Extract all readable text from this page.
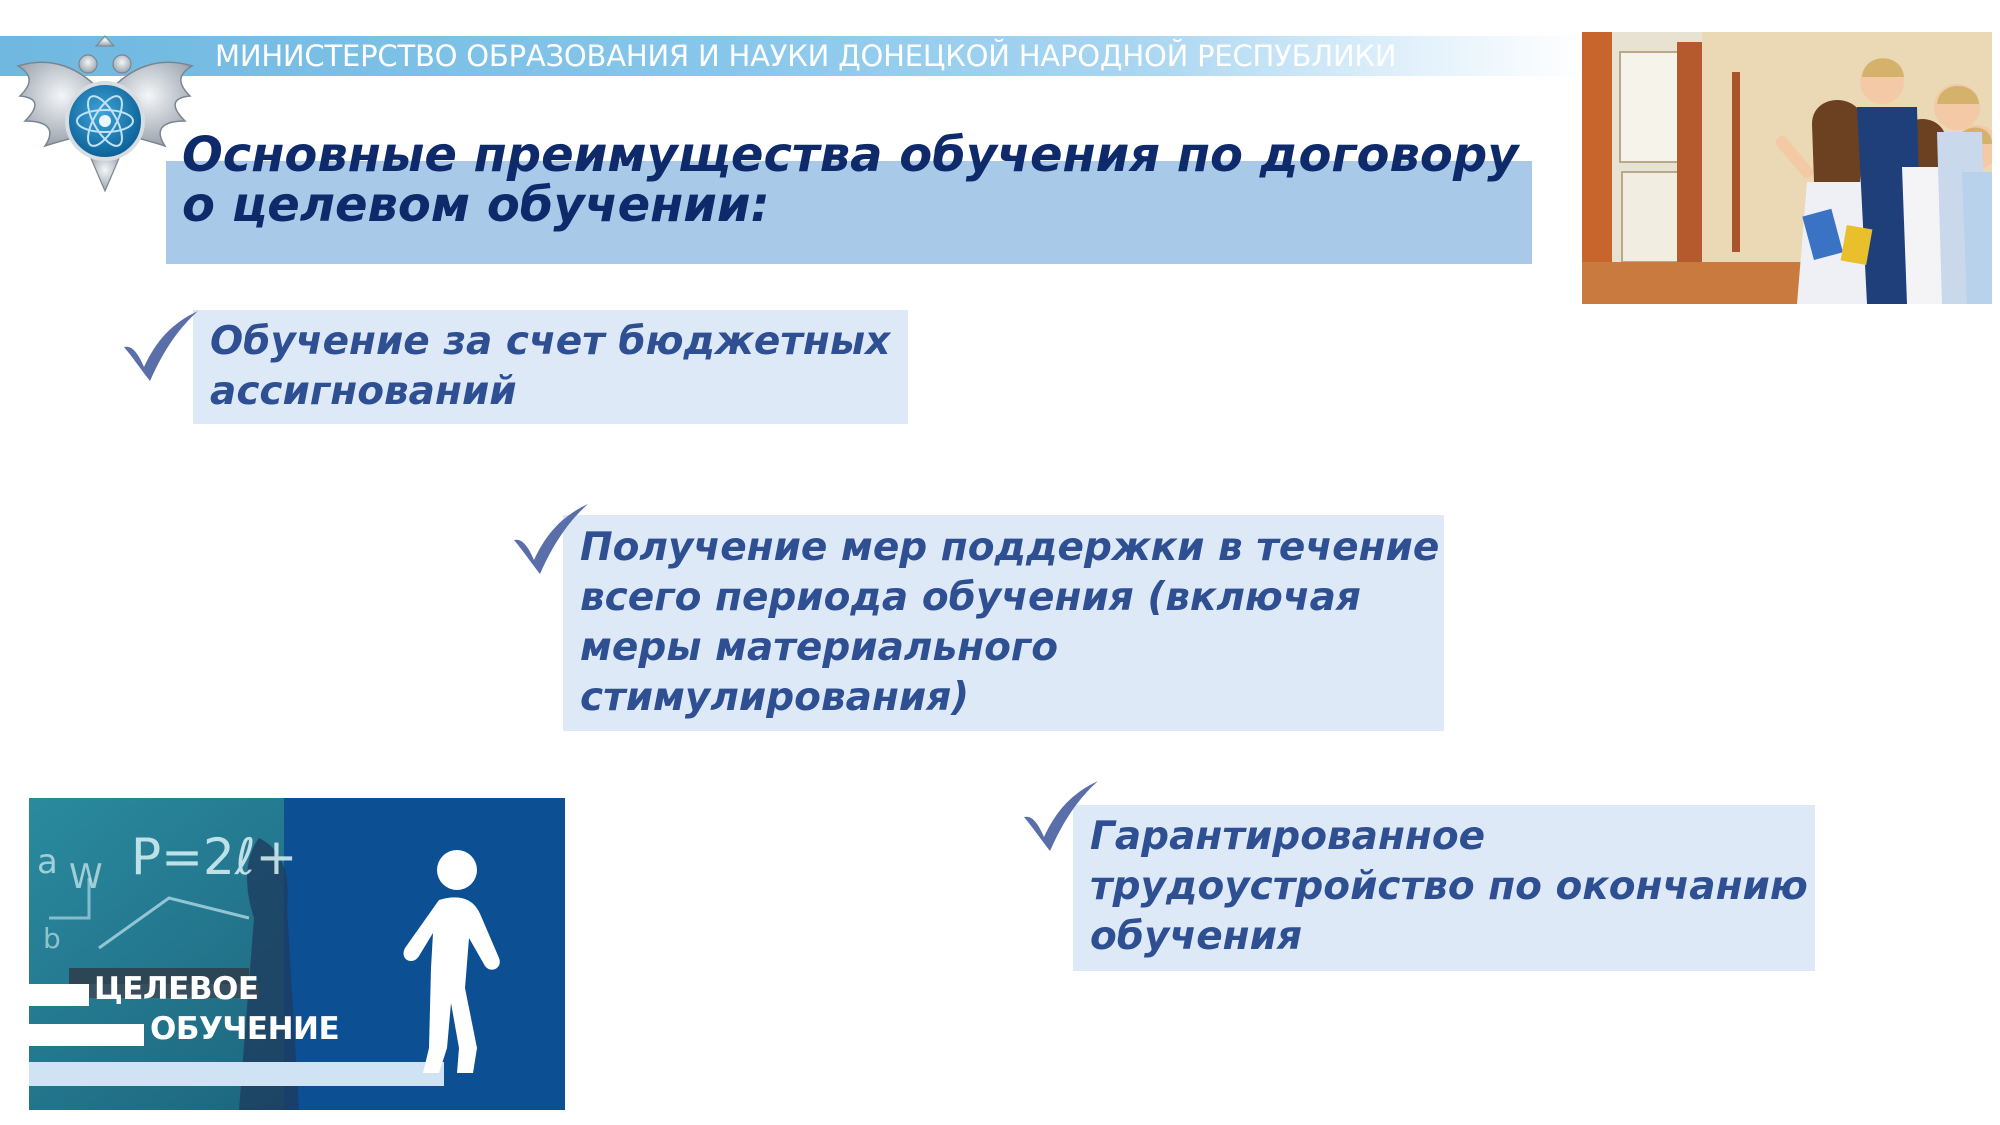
МИНИСТЕРСТВО ОБРАЗОВАНИЯ И НАУКИ ДОНЕЦКОЙ НАРОДНОЙ РЕСПУБЛИКИ
Основные преимущества обучения по договору о целевом обучении:

Обучение за счет бюджетных ассигнований

Получение мер поддержки в течение всего периода обучения (включая меры материального стимулирования)

Гарантированное трудоустройство по окончанию обучения

a W
b
P=2ℓ+
ЦЕЛЕВОЕ
ОБУЧЕНИЕ
